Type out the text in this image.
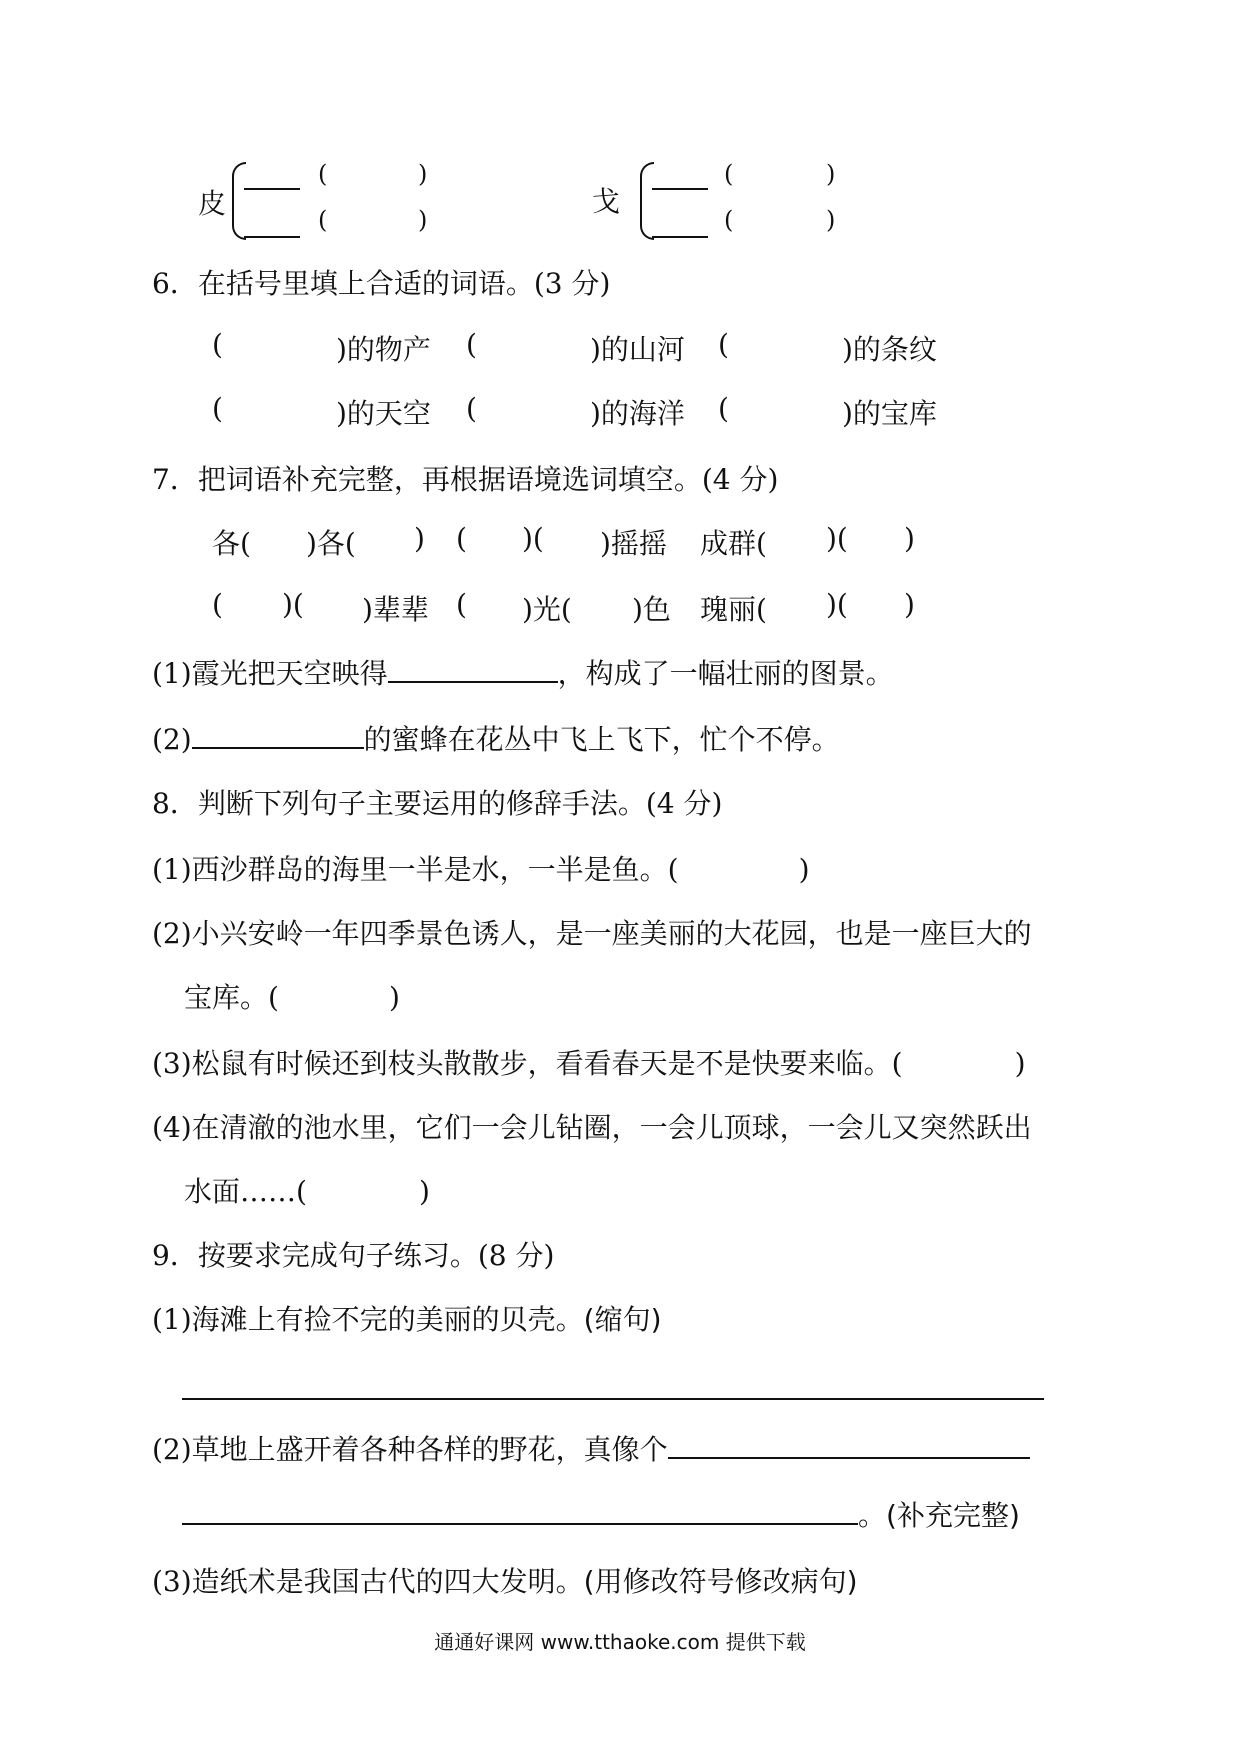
皮
(	)
(	)
戈
(	)
(	)
6．在括号里填上合适的词语。(3 分)
(	)的物产 (	)的山河 (	)的条纹
(	)的天空 (	)的海洋 (	)的宝库
7．把词语补充完整，再根据语境选词填空。(4 分)
各( )各( ) ( )( )摇摇 成群( )( )
( )( )辈辈 ( )光( )色 瑰丽( )( )
(1)霞光把天空映得	，构成了一幅壮丽的图景。
(2)	的蜜蜂在花丛中飞上飞下，忙个不停。
8．判断下列句子主要运用的修辞手法。(4 分)
(1)西沙群岛的海里一半是水，一半是鱼。(	)
(2)小兴安岭一年四季景色诱人，是一座美丽的大花园，也是一座巨大的
宝库。(	)
(3)松鼠有时候还到枝头散散步，看看春天是不是快要来临。(	)
(4)在清澈的池水里，它们一会儿钻圈，一会儿顶球，一会儿又突然跃出
水面……(	)
9．按要求完成句子练习。(8 分)
(1)海滩上有捡不完的美丽的贝壳。(缩句)
(2)草地上盛开着各种各样的野花，真像个
。(补充完整)
(3)造纸术是我国古代的四大发明。(用修改符号修改病句)
通通好课网 www.tthaoke.com 提供下载
